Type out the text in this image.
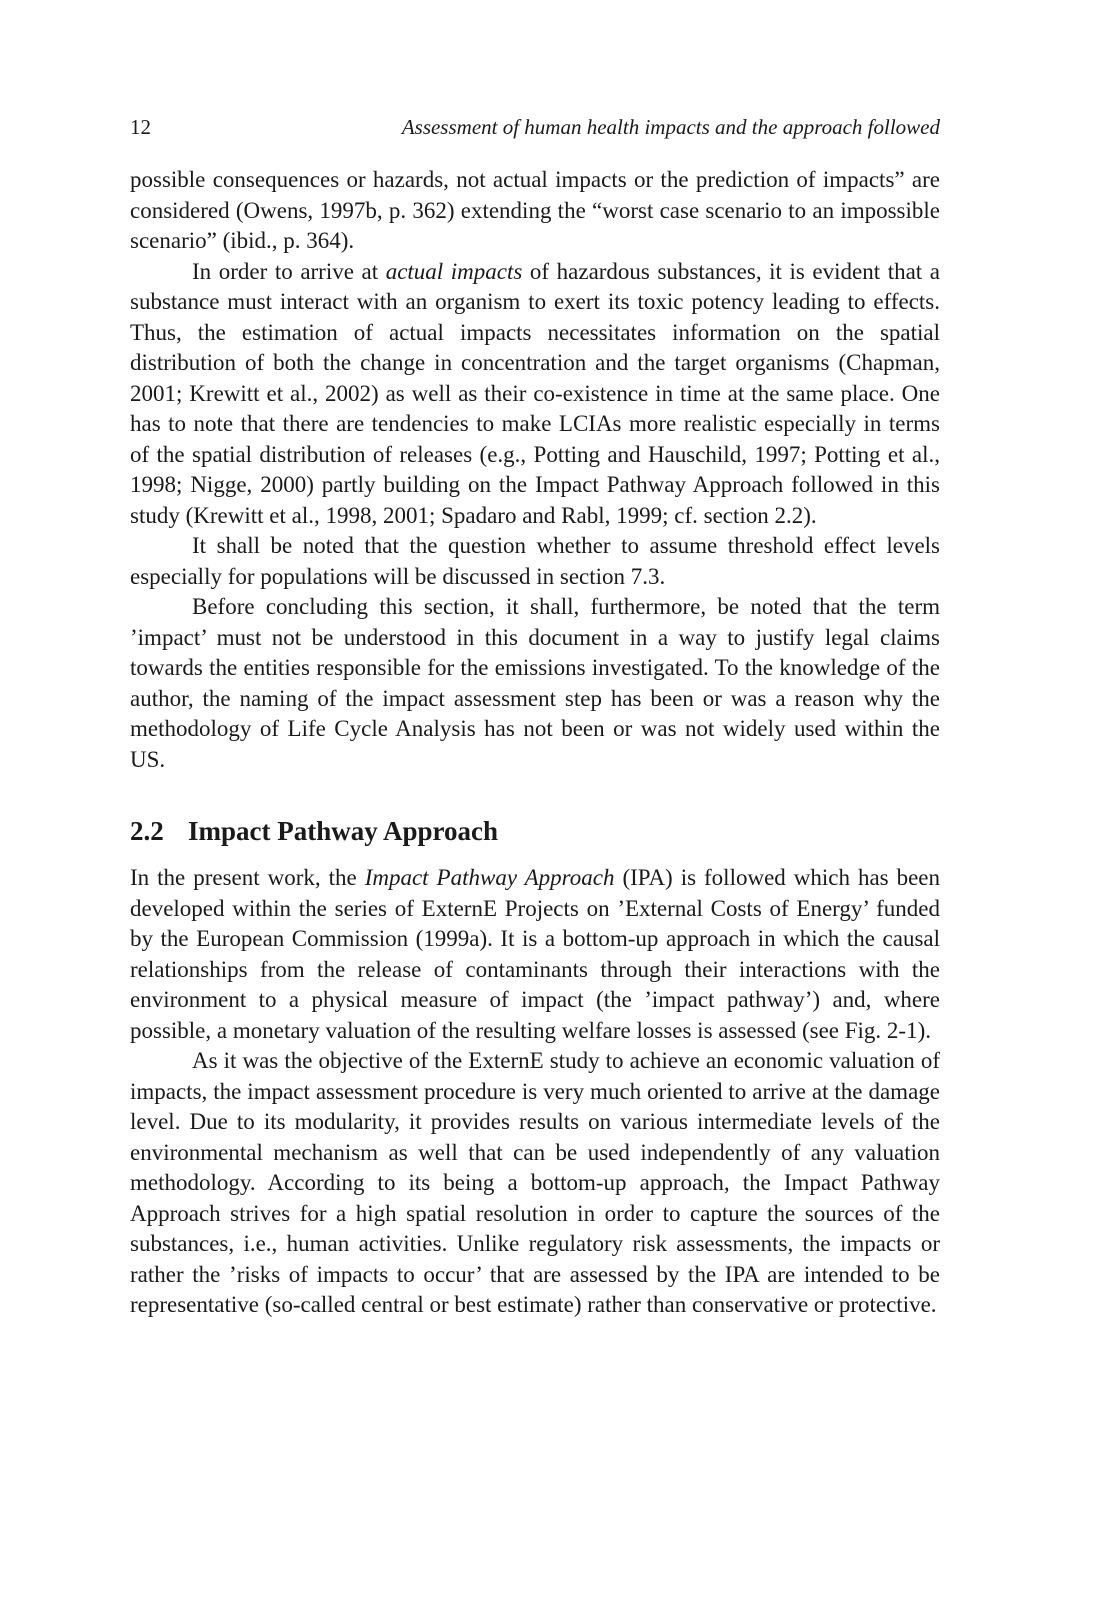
12	Assessment of human health impacts and the approach followed

possible consequences or hazards, not actual impacts or the prediction of impacts” are considered (Owens, 1997b, p. 362) extending the “worst case scenario to an impossible scenario” (ibid., p. 364).

In order to arrive at actual impacts of hazardous substances, it is evident that a substance must interact with an organism to exert its toxic potency leading to effects. Thus, the estimation of actual impacts necessitates information on the spatial distribution of both the change in concentration and the target organisms (Chapman, 2001; Krewitt et al., 2002) as well as their co-existence in time at the same place. One has to note that there are tendencies to make LCIAs more realistic especially in terms of the spatial distribution of releases (e.g., Potting and Hauschild, 1997; Potting et al., 1998; Nigge, 2000) partly building on the Impact Pathway Approach followed in this study (Krewitt et al., 1998, 2001; Spadaro and Rabl, 1999; cf. section 2.2).

It shall be noted that the question whether to assume threshold effect levels especially for populations will be discussed in section 7.3.

Before concluding this section, it shall, furthermore, be noted that the term ’impact’ must not be understood in this document in a way to justify legal claims towards the entities responsible for the emissions investigated. To the knowledge of the author, the naming of the impact assessment step has been or was a reason why the methodology of Life Cycle Analysis has not been or was not widely used within the US.

2.2 Impact Pathway Approach

In the present work, the Impact Pathway Approach (IPA) is followed which has been developed within the series of ExternE Projects on ’External Costs of Energy’ funded by the European Commission (1999a). It is a bottom-up approach in which the causal relationships from the release of contaminants through their interactions with the environment to a physical measure of impact (the ’impact pathway’) and, where possible, a monetary valuation of the resulting welfare losses is assessed (see Fig. 2-1).

As it was the objective of the ExternE study to achieve an economic valuation of impacts, the impact assessment procedure is very much oriented to arrive at the damage level. Due to its modularity, it provides results on various intermediate levels of the environmental mechanism as well that can be used independently of any valuation methodology. According to its being a bottom-up approach, the Impact Pathway Approach strives for a high spatial resolution in order to capture the sources of the substances, i.e., human activities. Unlike regulatory risk assessments, the impacts or rather the ’risks of impacts to occur’ that are assessed by the IPA are intended to be representative (so-called central or best estimate) rather than conservative or protective.
